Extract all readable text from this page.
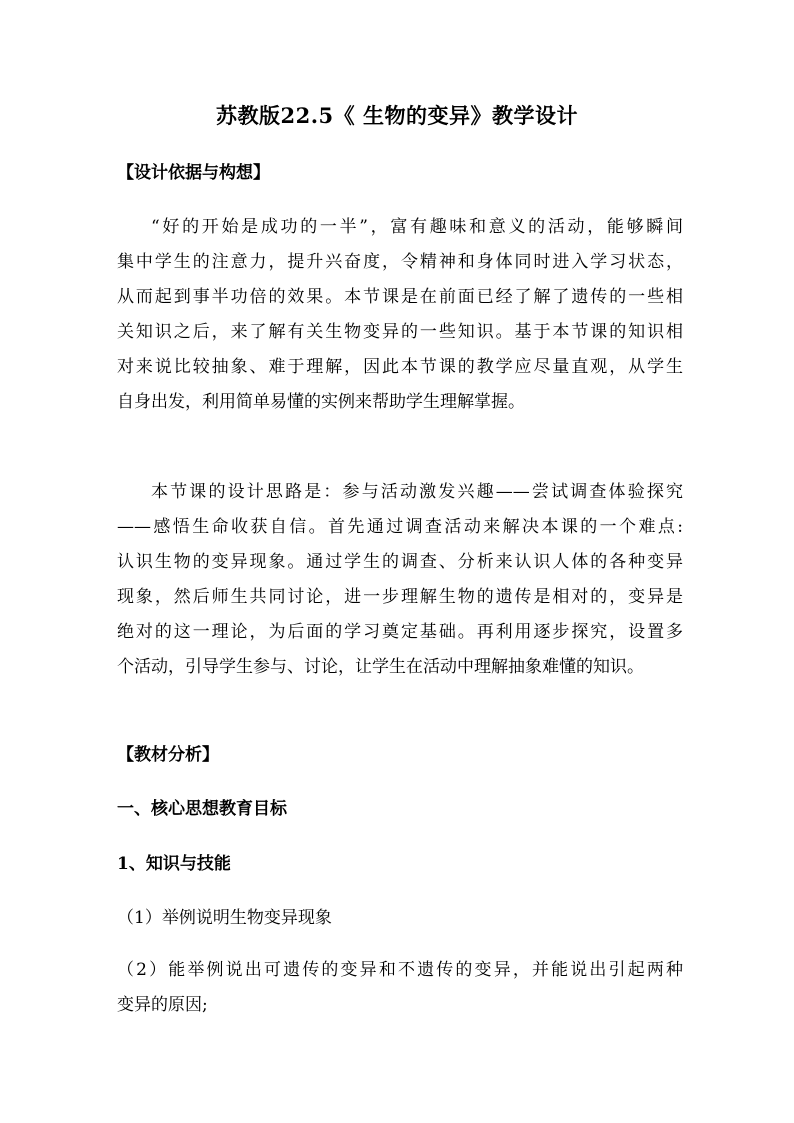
苏教版22.5《 生物的变异》教学设计
【设计依据与构想】
“好的开始是成功的一半”，富有趣味和意义的活动，能够瞬间
集中学生的注意力，提升兴奋度，令精神和身体同时进入学习状态，
从而起到事半功倍的效果。本节课是在前面已经了解了遗传的一些相
关知识之后，来了解有关生物变异的一些知识。基于本节课的知识相
对来说比较抽象、难于理解，因此本节课的教学应尽量直观，从学生
自身出发，利用简单易懂的实例来帮助学生理解掌握。
本节课的设计思路是：参与活动激发兴趣——尝试调查体验探究
——感悟生命收获自信。首先通过调查活动来解决本课的一个难点:
认识生物的变异现象。通过学生的调查、分析来认识人体的各种变异
现象，然后师生共同讨论，进一步理解生物的遗传是相对的，变异是
绝对的这一理论，为后面的学习奠定基础。再利用逐步探究，设置多
个活动，引导学生参与、讨论，让学生在活动中理解抽象难懂的知识。
【教材分析】
一、核心思想教育目标
1、知识与技能
（1）举例说明生物变异现象
（2）能举例说出可遗传的变异和不遗传的变异，并能说出引起两种
变异的原因;
